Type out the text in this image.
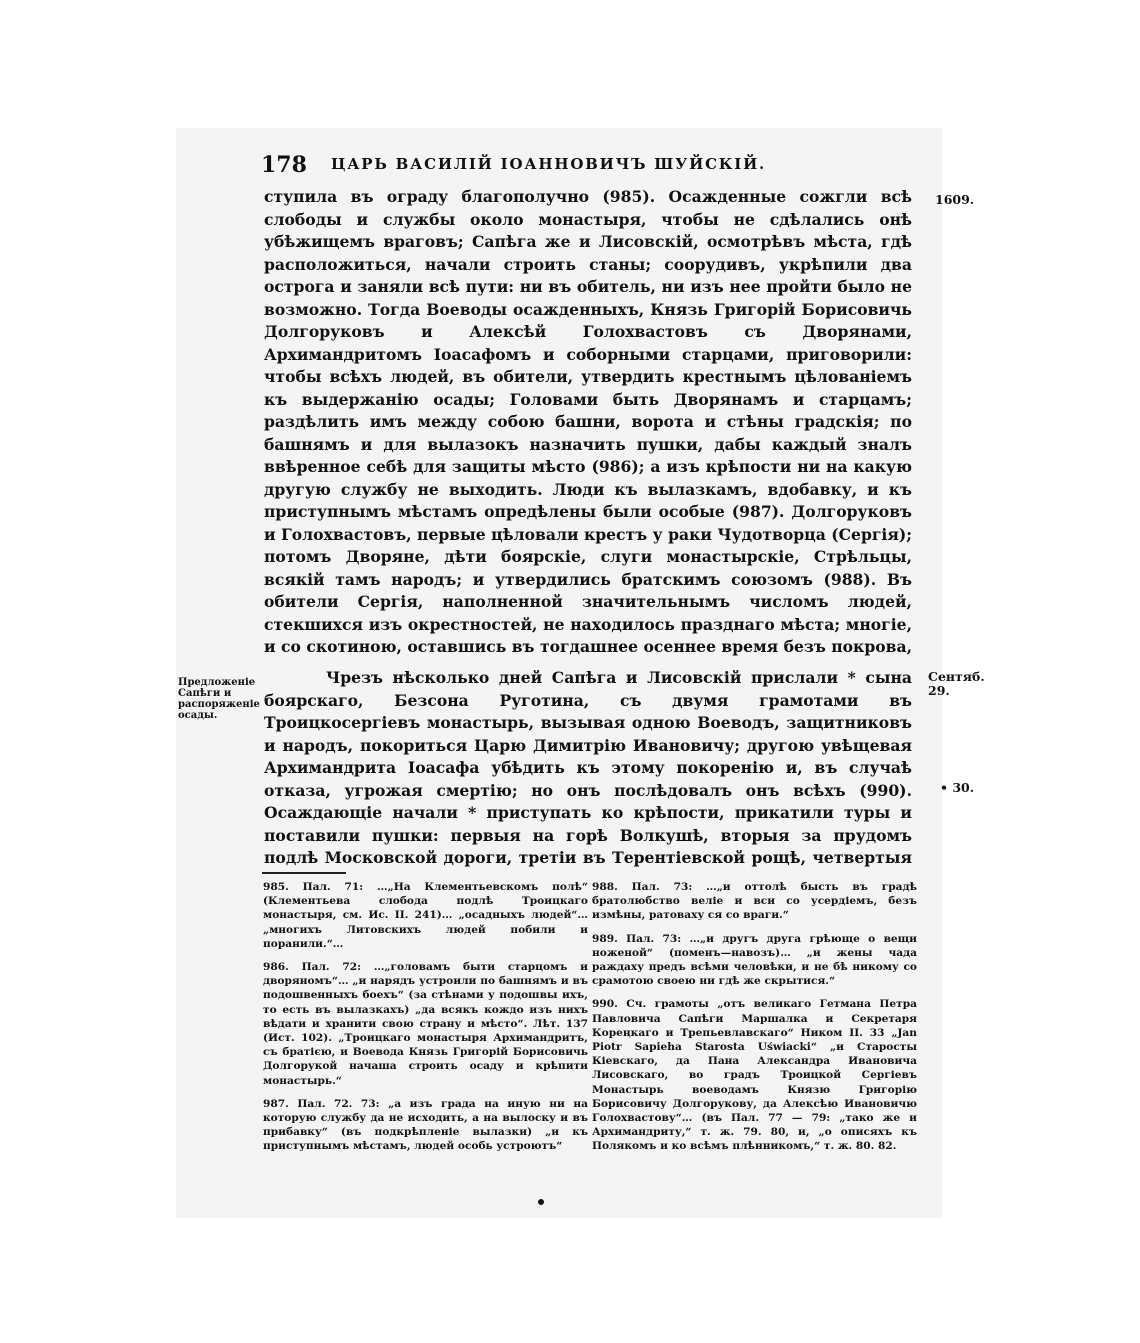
178 ЦАРЬ ВАСИЛІЙ ІОАННОВИЧЪ ШУЙСКІЙ.
1609.
Сентяб. 29.
• 30.
Предложеніе Сапѣги и распоряженіе осады.

ступила въ ограду благополучно (985). Осажденные сожгли всѣ слободы и службы около монастыря, чтобы не сдѣлались онѣ убѣжищемъ враговъ; Сапѣга же и Лисовскій, осмотрѣвъ мѣста, гдѣ расположиться, начали строить станы; соорудивъ, укрѣпили два острога и заняли всѣ пути: ни въ обитель, ни изъ нее пройти было не возможно. Тогда Воеводы осажденныхъ, Князь Григорій Борисовичь Долгоруковъ и Алексѣй Голохвастовъ съ Дворянами, Архимандритомъ Іоасафомъ и соборными старцами, приговорили: чтобы всѣхъ людей, въ обители, утвердить крестнымъ цѣлованіемъ къ выдержанію осады; Головами быть Дворянамъ и старцамъ; раздѣлить имъ между собою башни, ворота и стѣны градскія; по башнямъ и для вылазокъ назначить пушки, дабы каждый зналъ ввѣренное себѣ для защиты мѣсто (986); а изъ крѣпости ни на какую другую службу не выходить. Люди къ вылазкамъ, вдобавку, и къ приступнымъ мѣстамъ опредѣлены были особые (987). Долгоруковъ и Голохвастовъ, первые цѣловали крестъ у раки Чудотворца (Сергія); потомъ Дворяне, дѣти боярскіе, слуги монастырскіе, Стрѣльцы, всякій тамъ народъ; и утвердились братскимъ союзомъ (988). Въ обители Сергія, наполненной значительнымъ числомъ людей, стекшихся изъ окрестностей, не находилось празднаго мѣста; многіе, и со скотиною, оставшись въ тогдашнее осеннее время безъ покрова,

Чрезъ нѣсколько дней Сапѣга и Лисовскій прислали * сына боярскаго, Безсона Руготина, съ двумя грамотами въ Троицкосергіевъ монастырь, вызывая одною Воеводъ, защитниковъ и народъ, покориться Царю Димитрію Ивановичу; другою увѣщевая Архимандрита Іоасафа убѣдить къ этому покоренію и, въ случаѣ отказа, угрожая смертію; но онъ послѣдовалъ онъ всѣхъ (990). Осаждающіе начали * приступать ко крѣпости, прикатили туры и поставили пушки: первыя на горѣ Волкушѣ, вторыя за прудомъ подлѣ Московской дороги, третіи въ Терентіевской рощѣ, четвертыя

985. Пал. 71: …„На Клементьевскомъ полѣ“ (Клементьева слобода подлѣ Троицкаго монастыря, см. Ис. II. 241)… „осадныхъ людей“… „многихъ Литовскихъ людей побили и поранили.“…

986. Пал. 72: …„головамъ быти старцомъ и дворяномъ“… „и нарядъ устроили по башнямъ и въ подошвенныхъ боехъ“ (за стѣнами у подошвы ихъ, то есть въ вылазкахъ) „да всякъ кождо изъ нихъ вѣдати и хранити свою страну и мѣсто“. Лѣт. 137 (Ист. 102). „Троицкаго монастыря Архимандритъ, съ братією, и Воевода Князь Григорій Борисовичь Долгорукой начаша строить осаду и крѣпити монастырь.“

987. Пал. 72. 73: „а изъ града на иную ни на которую службу да не исходить, а на вылоску и въ прибавку“ (въ подкрѣпленіе вылазки) „и къ приступнымъ мѣстамъ, людей особь устроютъ“

988. Пал. 73: …„и оттолѣ бысть въ градѣ братолюбство веліе и вси со усердіемъ, безъ измѣны, ратоваху ся со враги.“

989. Пал. 73: …„и другъ друга грѣюще о вещи ноженой“ (поменъ—навозъ)… „и жены чада раждаху предъ всѣми человѣки, и не бѣ никому со срамотою своею ни гдѣ же скрытися.“

990. Сч. грамоты „отъ великаго Гетмана Петра Павловича Сапѣги Маршалка и Секретаря Кореңкаго и Трепьевлавскаго“ Ником II. 33 „Jan Piotr Sapieha Starosta Uświacki“ „и Старосты Кіевскаго, да Пана Александра Ивановича Лисовскаго, во градъ Троицкой Сергіевъ Монастырь воеводамъ Князю Григорію Борисовичу Долгорукову, да Алексѣю Ивановичю Голохвастову“… (въ Пал. 77 — 79: „тако же и Архимандриту,“ т. ж. 79. 80, и, „о описяхъ къ Полякомъ и ко всѣмъ плѣнникомъ,“ т. ж. 80. 82.
